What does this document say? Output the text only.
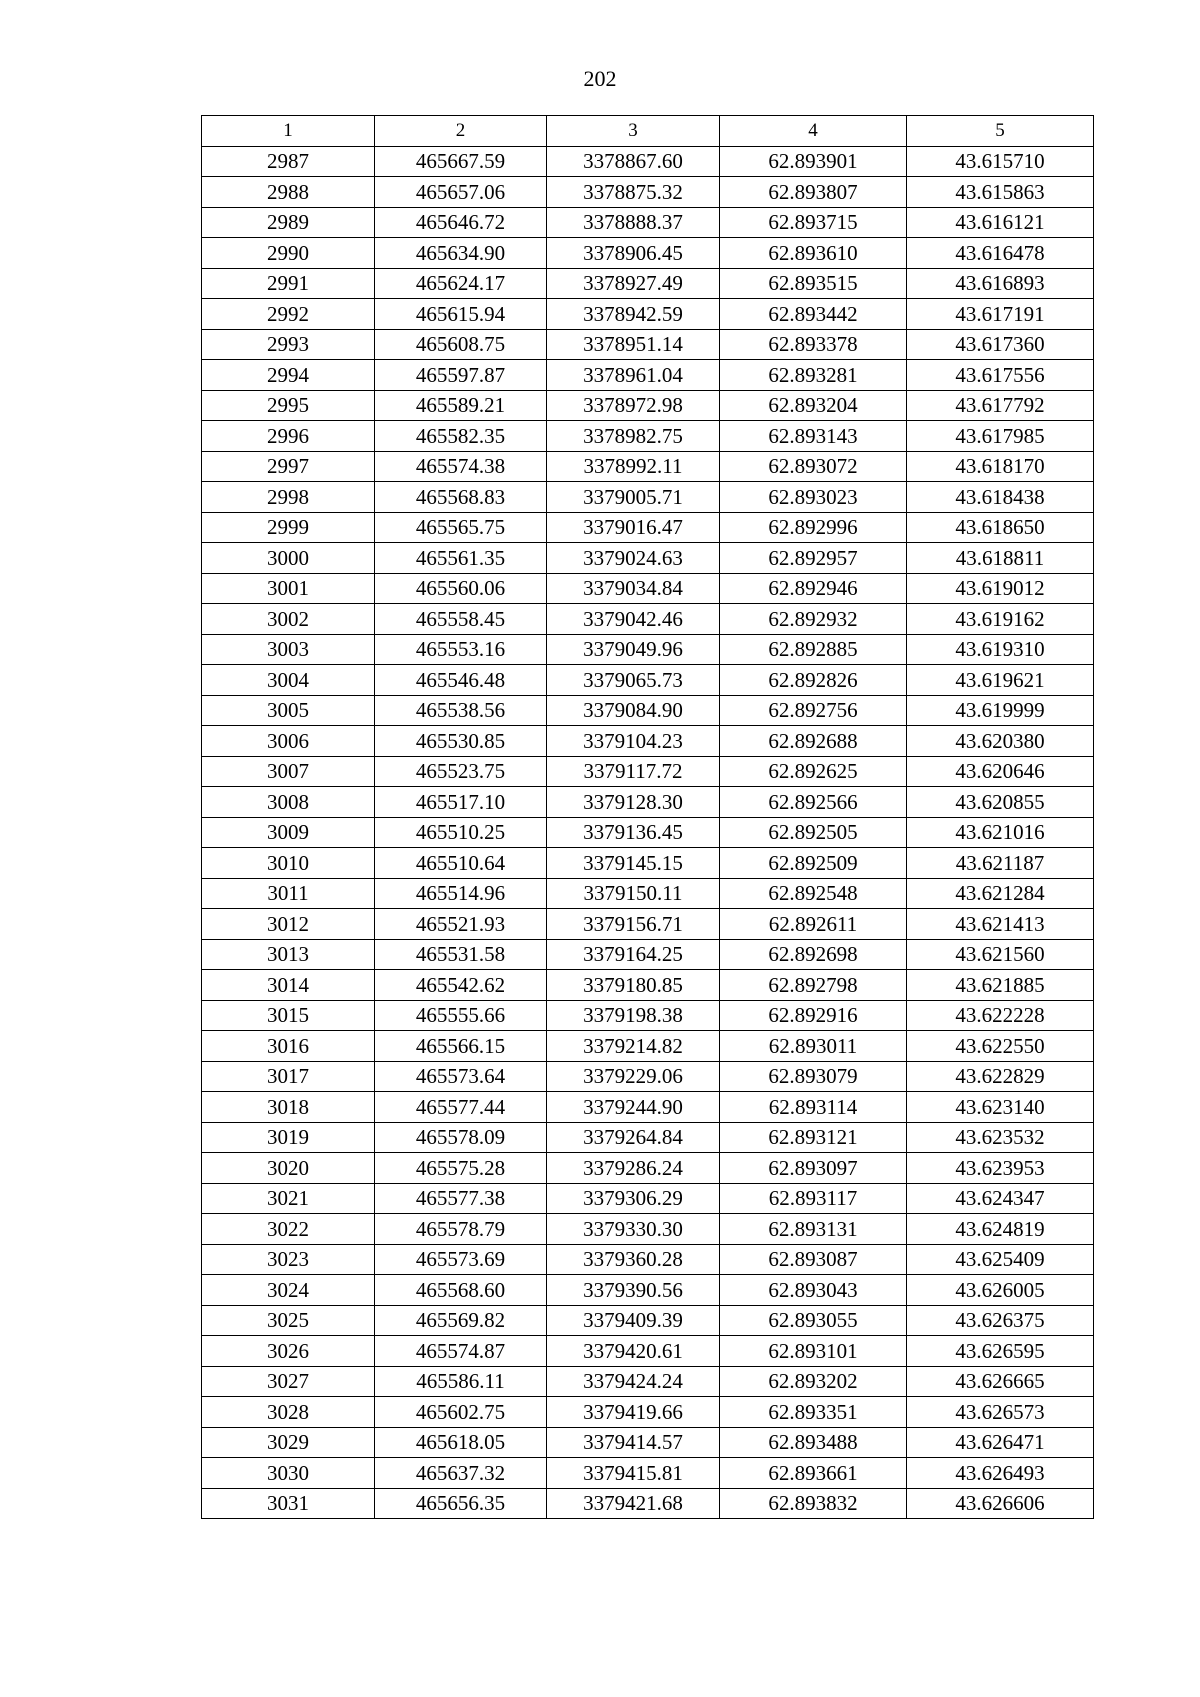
202
1	2	3	4	5
2987	465667.59	3378867.60	62.893901	43.615710
2988	465657.06	3378875.32	62.893807	43.615863
2989	465646.72	3378888.37	62.893715	43.616121
2990	465634.90	3378906.45	62.893610	43.616478
2991	465624.17	3378927.49	62.893515	43.616893
2992	465615.94	3378942.59	62.893442	43.617191
2993	465608.75	3378951.14	62.893378	43.617360
2994	465597.87	3378961.04	62.893281	43.617556
2995	465589.21	3378972.98	62.893204	43.617792
2996	465582.35	3378982.75	62.893143	43.617985
2997	465574.38	3378992.11	62.893072	43.618170
2998	465568.83	3379005.71	62.893023	43.618438
2999	465565.75	3379016.47	62.892996	43.618650
3000	465561.35	3379024.63	62.892957	43.618811
3001	465560.06	3379034.84	62.892946	43.619012
3002	465558.45	3379042.46	62.892932	43.619162
3003	465553.16	3379049.96	62.892885	43.619310
3004	465546.48	3379065.73	62.892826	43.619621
3005	465538.56	3379084.90	62.892756	43.619999
3006	465530.85	3379104.23	62.892688	43.620380
3007	465523.75	3379117.72	62.892625	43.620646
3008	465517.10	3379128.30	62.892566	43.620855
3009	465510.25	3379136.45	62.892505	43.621016
3010	465510.64	3379145.15	62.892509	43.621187
3011	465514.96	3379150.11	62.892548	43.621284
3012	465521.93	3379156.71	62.892611	43.621413
3013	465531.58	3379164.25	62.892698	43.621560
3014	465542.62	3379180.85	62.892798	43.621885
3015	465555.66	3379198.38	62.892916	43.622228
3016	465566.15	3379214.82	62.893011	43.622550
3017	465573.64	3379229.06	62.893079	43.622829
3018	465577.44	3379244.90	62.893114	43.623140
3019	465578.09	3379264.84	62.893121	43.623532
3020	465575.28	3379286.24	62.893097	43.623953
3021	465577.38	3379306.29	62.893117	43.624347
3022	465578.79	3379330.30	62.893131	43.624819
3023	465573.69	3379360.28	62.893087	43.625409
3024	465568.60	3379390.56	62.893043	43.626005
3025	465569.82	3379409.39	62.893055	43.626375
3026	465574.87	3379420.61	62.893101	43.626595
3027	465586.11	3379424.24	62.893202	43.626665
3028	465602.75	3379419.66	62.893351	43.626573
3029	465618.05	3379414.57	62.893488	43.626471
3030	465637.32	3379415.81	62.893661	43.626493
3031	465656.35	3379421.68	62.893832	43.626606
